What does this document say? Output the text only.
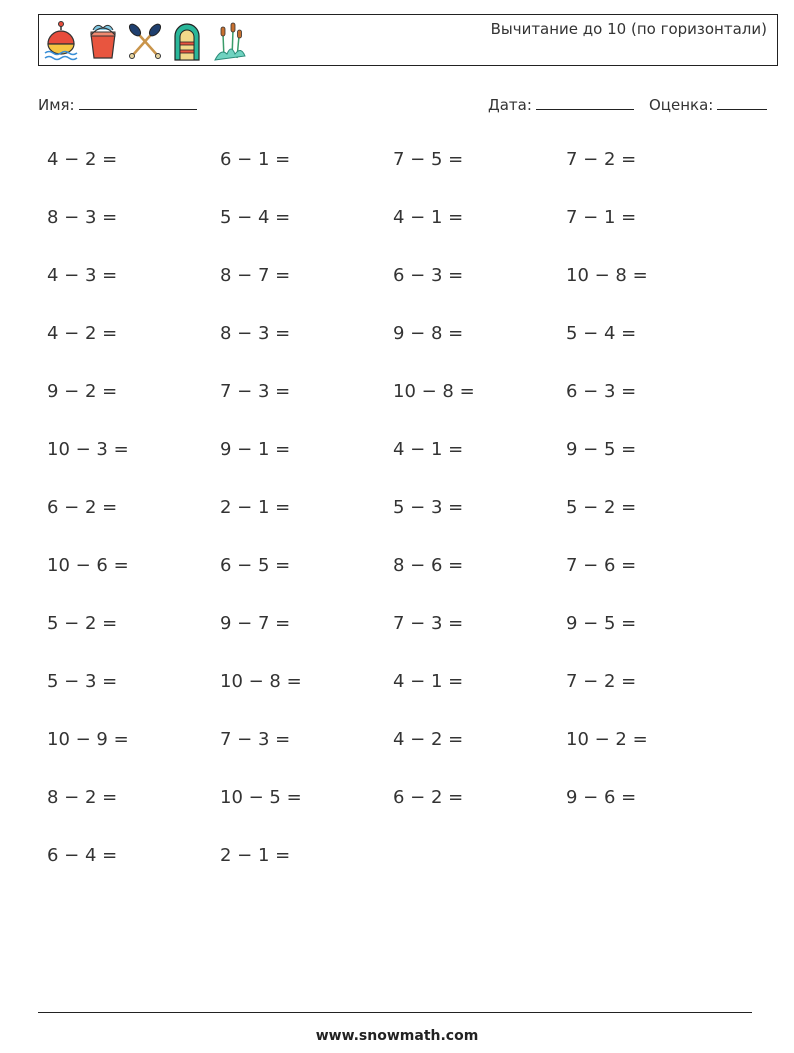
Вычитание до 10 (по горизонтали)
Имя:	Дата:	Оценка:
4 − 2 =	6 − 1 =	7 − 5 =	7 − 2 =
8 − 3 =	5 − 4 =	4 − 1 =	7 − 1 =
4 − 3 =	8 − 7 =	6 − 3 =	10 − 8 =
4 − 2 =	8 − 3 =	9 − 8 =	5 − 4 =
9 − 2 =	7 − 3 =	10 − 8 =	6 − 3 =
10 − 3 =	9 − 1 =	4 − 1 =	9 − 5 =
6 − 2 =	2 − 1 =	5 − 3 =	5 − 2 =
10 − 6 =	6 − 5 =	8 − 6 =	7 − 6 =
5 − 2 =	9 − 7 =	7 − 3 =	9 − 5 =
5 − 3 =	10 − 8 =	4 − 1 =	7 − 2 =
10 − 9 =	7 − 3 =	4 − 2 =	10 − 2 =
8 − 2 =	10 − 5 =	6 − 2 =	9 − 6 =
6 − 4 =	2 − 1 =
www.snowmath.com
